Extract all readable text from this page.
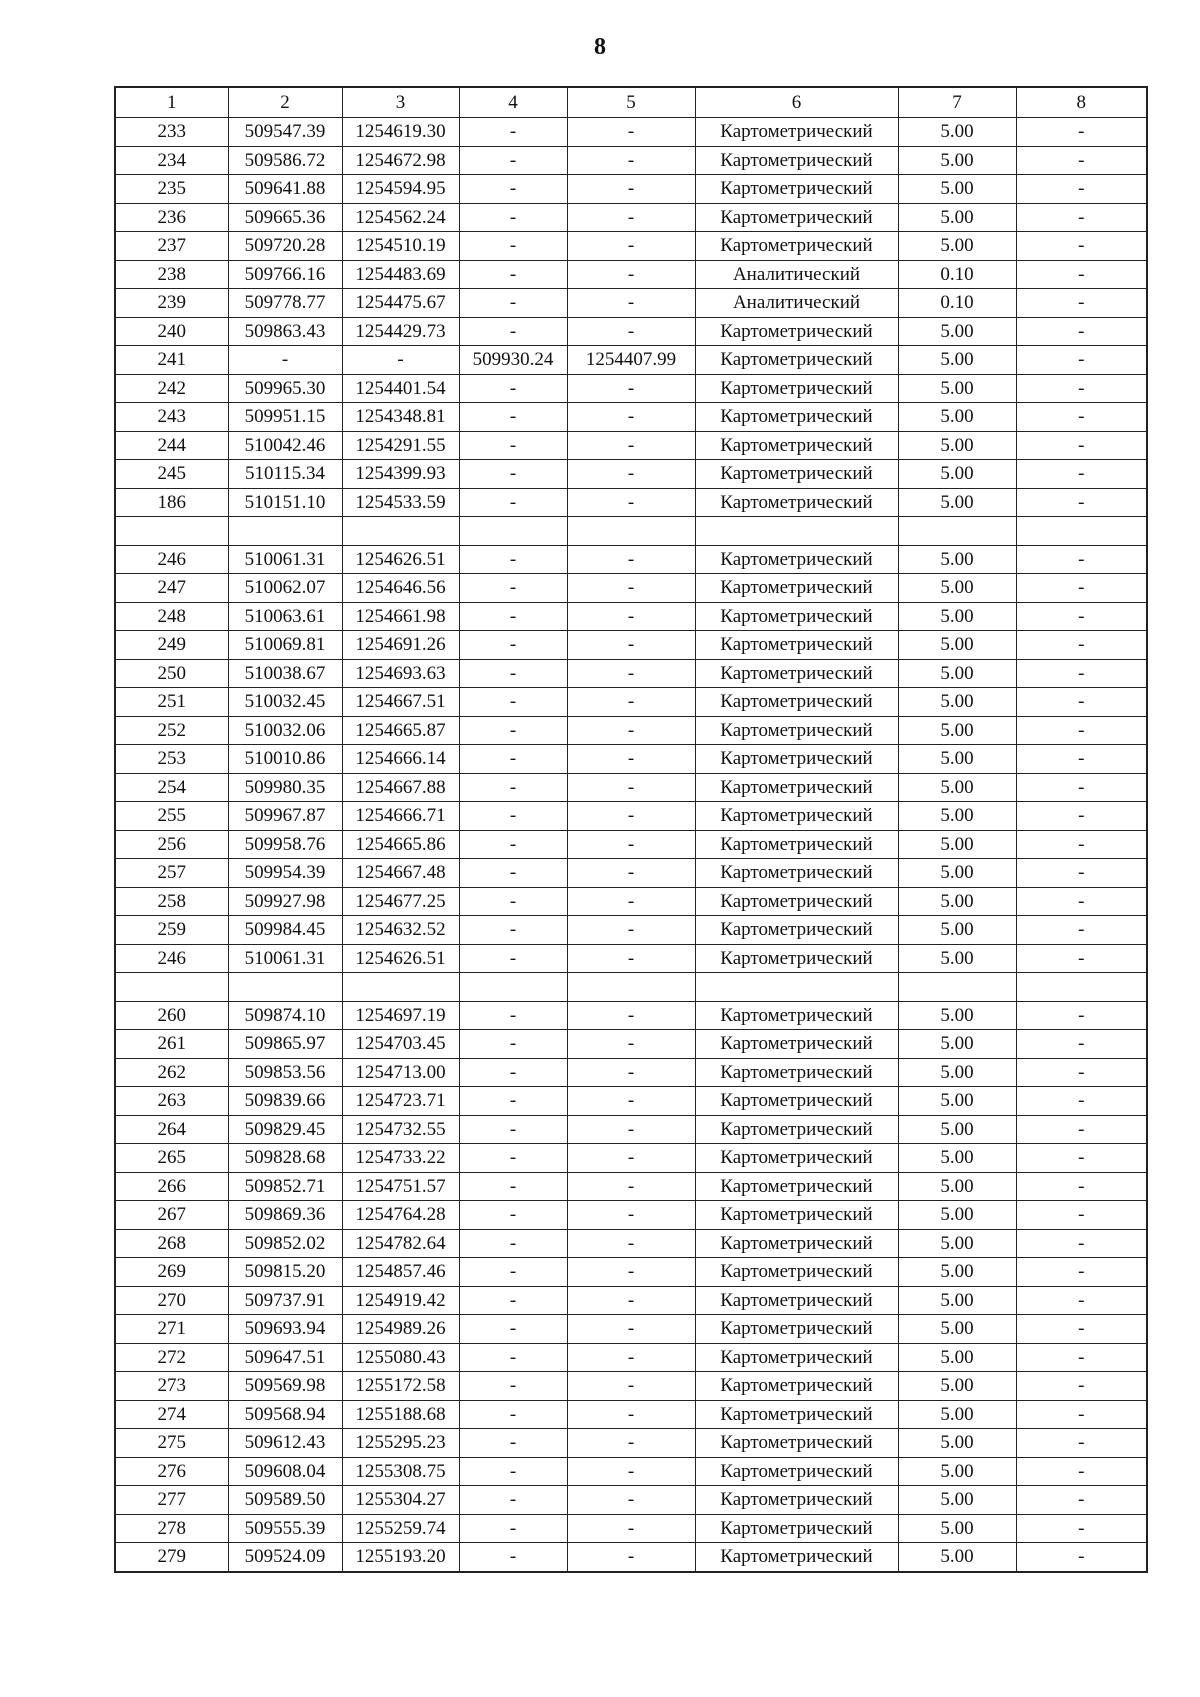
8
1	2	3	4	5	6	7	8
233	509547.39	1254619.30	-	-	Картометрический	5.00	-
234	509586.72	1254672.98	-	-	Картометрический	5.00	-
235	509641.88	1254594.95	-	-	Картометрический	5.00	-
236	509665.36	1254562.24	-	-	Картометрический	5.00	-
237	509720.28	1254510.19	-	-	Картометрический	5.00	-
238	509766.16	1254483.69	-	-	Аналитический	0.10	-
239	509778.77	1254475.67	-	-	Аналитический	0.10	-
240	509863.43	1254429.73	-	-	Картометрический	5.00	-
241	-	-	509930.24	1254407.99	Картометрический	5.00	-
242	509965.30	1254401.54	-	-	Картометрический	5.00	-
243	509951.15	1254348.81	-	-	Картометрический	5.00	-
244	510042.46	1254291.55	-	-	Картометрический	5.00	-
245	510115.34	1254399.93	-	-	Картометрический	5.00	-
186	510151.10	1254533.59	-	-	Картометрический	5.00	-

246	510061.31	1254626.51	-	-	Картометрический	5.00	-
247	510062.07	1254646.56	-	-	Картометрический	5.00	-
248	510063.61	1254661.98	-	-	Картометрический	5.00	-
249	510069.81	1254691.26	-	-	Картометрический	5.00	-
250	510038.67	1254693.63	-	-	Картометрический	5.00	-
251	510032.45	1254667.51	-	-	Картометрический	5.00	-
252	510032.06	1254665.87	-	-	Картометрический	5.00	-
253	510010.86	1254666.14	-	-	Картометрический	5.00	-
254	509980.35	1254667.88	-	-	Картометрический	5.00	-
255	509967.87	1254666.71	-	-	Картометрический	5.00	-
256	509958.76	1254665.86	-	-	Картометрический	5.00	-
257	509954.39	1254667.48	-	-	Картометрический	5.00	-
258	509927.98	1254677.25	-	-	Картометрический	5.00	-
259	509984.45	1254632.52	-	-	Картометрический	5.00	-
246	510061.31	1254626.51	-	-	Картометрический	5.00	-

260	509874.10	1254697.19	-	-	Картометрический	5.00	-
261	509865.97	1254703.45	-	-	Картометрический	5.00	-
262	509853.56	1254713.00	-	-	Картометрический	5.00	-
263	509839.66	1254723.71	-	-	Картометрический	5.00	-
264	509829.45	1254732.55	-	-	Картометрический	5.00	-
265	509828.68	1254733.22	-	-	Картометрический	5.00	-
266	509852.71	1254751.57	-	-	Картометрический	5.00	-
267	509869.36	1254764.28	-	-	Картометрический	5.00	-
268	509852.02	1254782.64	-	-	Картометрический	5.00	-
269	509815.20	1254857.46	-	-	Картометрический	5.00	-
270	509737.91	1254919.42	-	-	Картометрический	5.00	-
271	509693.94	1254989.26	-	-	Картометрический	5.00	-
272	509647.51	1255080.43	-	-	Картометрический	5.00	-
273	509569.98	1255172.58	-	-	Картометрический	5.00	-
274	509568.94	1255188.68	-	-	Картометрический	5.00	-
275	509612.43	1255295.23	-	-	Картометрический	5.00	-
276	509608.04	1255308.75	-	-	Картометрический	5.00	-
277	509589.50	1255304.27	-	-	Картометрический	5.00	-
278	509555.39	1255259.74	-	-	Картометрический	5.00	-
279	509524.09	1255193.20	-	-	Картометрический	5.00	-
